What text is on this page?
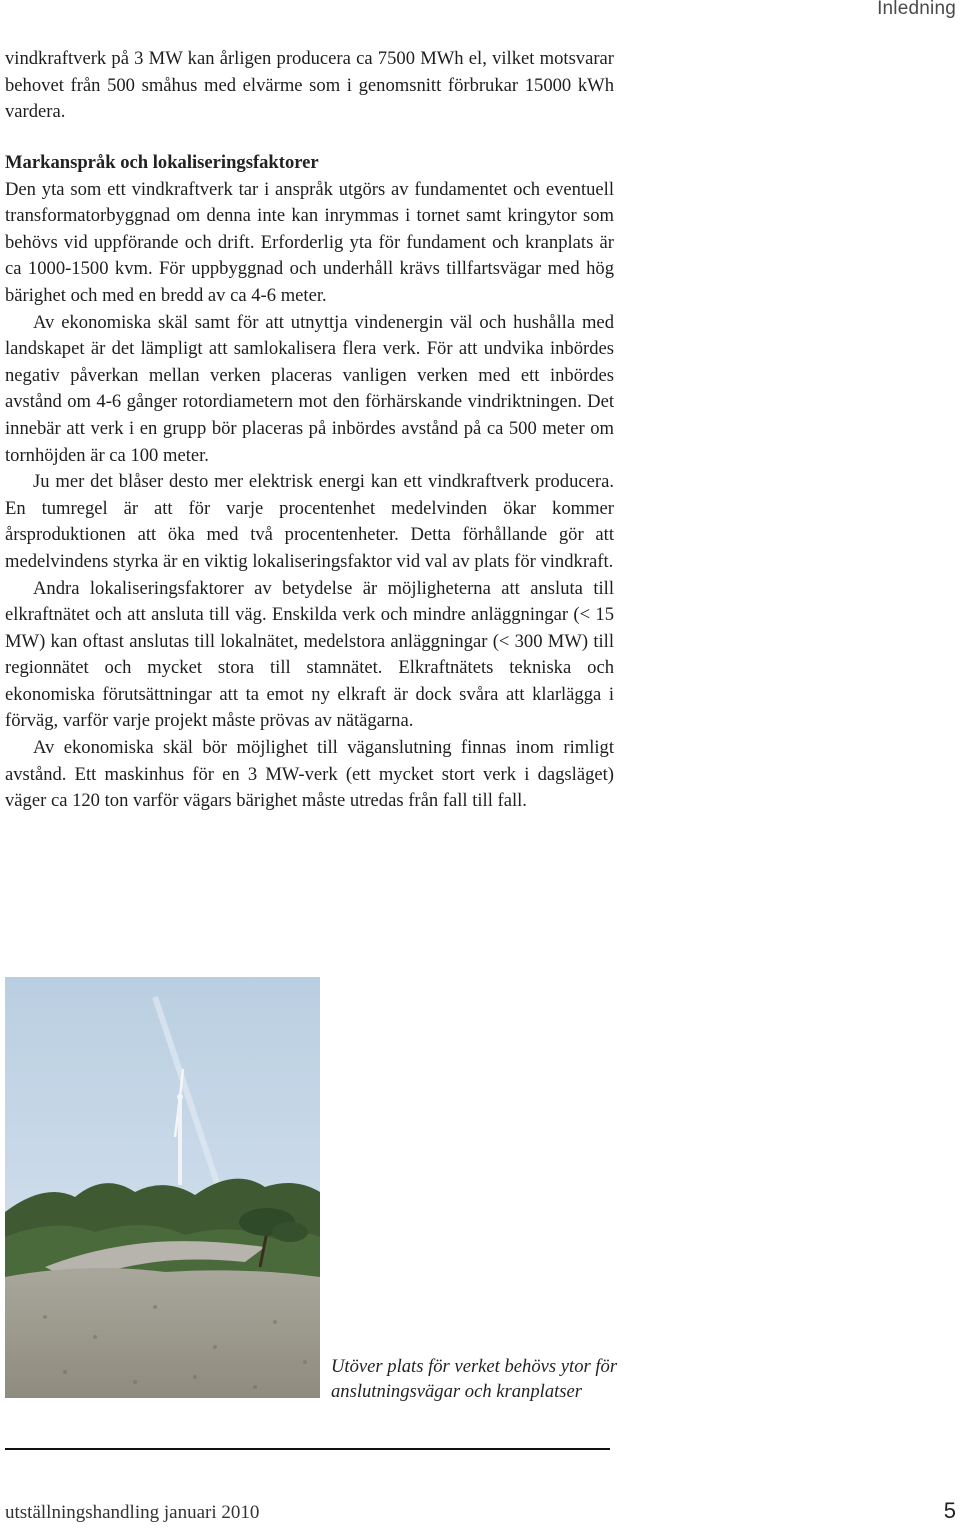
Inledning

vindkraftverk på 3 MW kan årligen producera ca 7500 MWh el, vilket motsvarar behovet från 500 småhus med elvärme som i genomsnitt förbrukar 15000 kWh vardera.

Markanspråk och lokaliseringsfaktorer

Den yta som ett vindkraftverk tar i anspråk utgörs av fundamentet och eventuell transformatorbyggnad om denna inte kan inrymmas i tornet samt kringytor som behövs vid uppförande och drift. Erforderlig yta för fundament och kranplats är ca 1000-1500 kvm. För uppbyggnad och underhåll krävs tillfartsvägar med hög bärighet och med en bredd av ca 4-6 meter.

Av ekonomiska skäl samt för att utnyttja vindenergin väl och hushålla med landskapet är det lämpligt att samlokalisera flera verk. För att undvika inbördes negativ påverkan mellan verken placeras vanligen verken med ett inbördes avstånd om 4-6 gånger rotordiametern mot den förhärskande vindriktningen. Det innebär att verk i en grupp bör placeras på inbördes avstånd på ca 500 meter om tornhöjden är ca 100 meter.

Ju mer det blåser desto mer elektrisk energi kan ett vindkraftverk producera. En tumregel är att för varje procentenhet medelvinden ökar kommer årsproduktionen att öka med två procentenheter. Detta förhållande gör att medelvindens styrka är en viktig lokaliseringsfaktor vid val av plats för vindkraft.

Andra lokaliseringsfaktorer av betydelse är möjligheterna att ansluta till elkraftnätet och att ansluta till väg. Enskilda verk och mindre anläggningar (< 15 MW) kan oftast anslutas till lokalnätet, medelstora anläggningar (< 300 MW) till regionnätet och mycket stora till stamnätet. Elkraftnätets tekniska och ekonomiska förutsättningar att ta emot ny elkraft är dock svåra att klarlägga i förväg, varför varje projekt måste prövas av nätägarna.

Av ekonomiska skäl bör möjlighet till väganslutning finnas inom rimligt avstånd. Ett maskinhus för en 3 MW-verk (ett mycket stort verk i dagsläget) väger ca 120 ton varför vägars bärighet måste utredas från fall till fall.

Utöver plats för verket behövs ytor för anslutningsvägar och kranplatser
utställningshandling januari 2010	5
